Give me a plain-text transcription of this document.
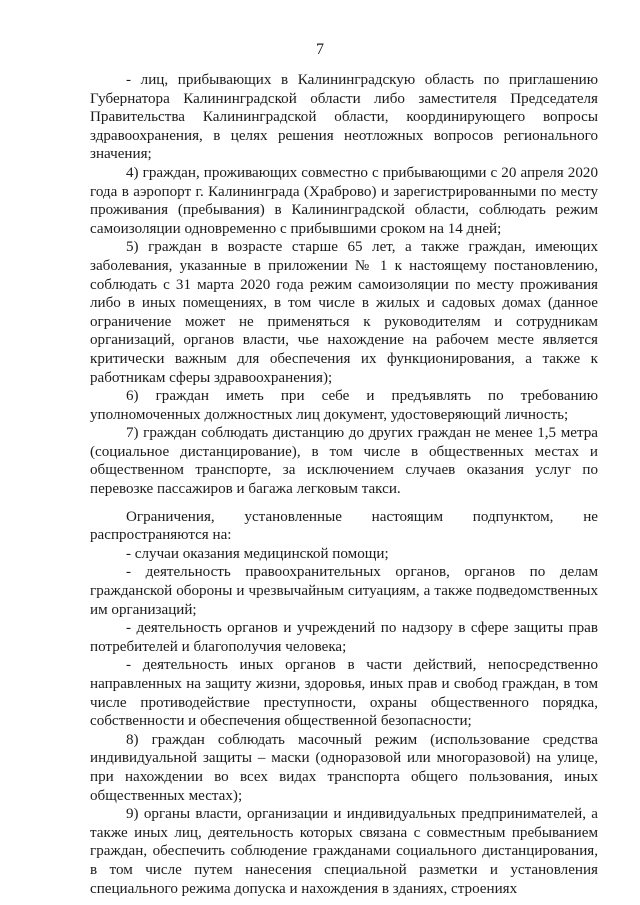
7

- лиц, прибывающих в Калининградскую область по приглашению Губернатора Калининградской области либо заместителя Председателя Правительства Калининградской области, координирующего вопросы здравоохранения, в целях решения неотложных вопросов регионального значения;

4) граждан, проживающих совместно с прибывающими с 20 апреля 2020 года в аэропорт г. Калининграда (Храброво) и зарегистрированными по месту проживания (пребывания) в Калининградской области, соблюдать режим самоизоляции одновременно с прибывшими сроком на 14 дней;

5) граждан в возрасте старше 65 лет, а также граждан, имеющих заболевания, указанные в приложении № 1 к настоящему постановлению, соблюдать с 31 марта 2020 года режим самоизоляции по месту проживания либо в иных помещениях, в том числе в жилых и садовых домах (данное ограничение может не применяться к руководителям и сотрудникам организаций, органов власти, чье нахождение на рабочем месте является критически важным для обеспечения их функционирования, а также к работникам сферы здравоохранения);

6) граждан иметь при себе и предъявлять по требованию уполномоченных должностных лиц документ, удостоверяющий личность;

7) граждан соблюдать дистанцию до других граждан не менее 1,5 метра (социальное дистанцирование), в том числе в общественных местах и общественном транспорте, за исключением случаев оказания услуг по перевозке пассажиров и багажа легковым такси.

Ограничения, установленные настоящим подпунктом, не распространяются на:

- случаи оказания медицинской помощи;

- деятельность правоохранительных органов, органов по делам гражданской обороны и чрезвычайным ситуациям, а также подведомственных им организаций;

- деятельность органов и учреждений по надзору в сфере защиты прав потребителей и благополучия человека;

- деятельность иных органов в части действий, непосредственно направленных на защиту жизни, здоровья, иных прав и свобод граждан, в том числе противодействие преступности, охраны общественного порядка, собственности и обеспечения общественной безопасности;

8) граждан соблюдать масочный режим (использование средства индивидуальной защиты – маски (одноразовой или многоразовой) на улице, при нахождении во всех видах транспорта общего пользования, иных общественных местах);

9) органы власти, организации и индивидуальных предпринимателей, а также иных лиц, деятельность которых связана с совместным пребыванием граждан, обеспечить соблюдение гражданами социального дистанцирования, в том числе путем нанесения специальной разметки и установления специального режима допуска и нахождения в зданиях, строениях
